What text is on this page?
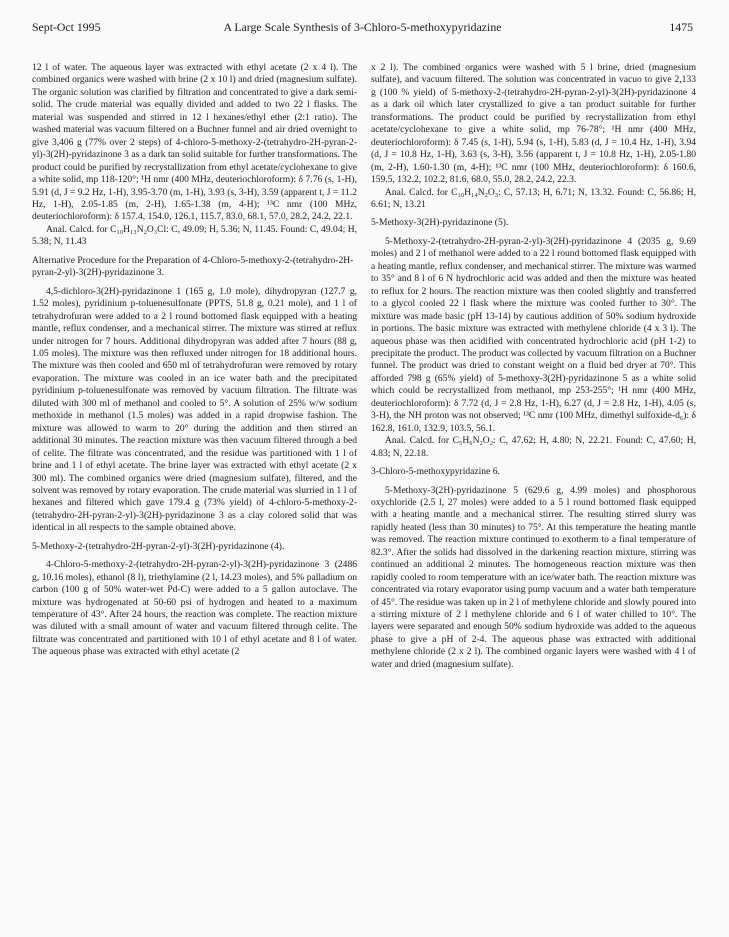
Sept-Oct 1995	A Large Scale Synthesis of 3-Chloro-5-methoxypyridazine	1475

12 l of water. The aqueous layer was extracted with ethyl acetate (2 x 4 l). The combined organics were washed with brine (2 x 10 l) and dried (magnesium sulfate). The organic solution was clarified by filtration and concentrated to give a dark semi-solid. The crude material was equally divided and added to two 22 l flasks. The material was suspended and stirred in 12 l hexanes/ethyl ether (2:1 ratio). The washed material was vacuum filtered on a Buchner funnel and air dried overnight to give 3,406 g (77% over 2 steps) of 4-chloro-5-methoxy-2-(tetrahydro-2H-pyran-2-yl)-3(2H)-pyridazinone 3 as a dark tan solid suitable for further transformations. The product could be purified by recrystallization from ethyl acetate/cyclohexane to give a white solid, mp 118-120°; ¹H nmr (400 MHz, deuteriochloroform): δ 7.76 (s, 1-H), 5.91 (d, J = 9.2 Hz, 1-H), 3.95-3.70 (m, 1-H), 3.93 (s, 3-H), 3.59 (apparent t, J = 11.2 Hz, 1-H), 2.05-1.85 (m, 2-H), 1.65-1.38 (m, 4-H); ¹³C nmr (100 MHz, deuteriochloroform): δ 157.4, 154.0, 126.1, 115.7, 83.0, 68.1, 57.0, 28.2, 24.2, 22.1.

Anal. Calcd. for C₁₀H₁₃N₂O₃Cl: C, 49.09; H, 5.36; N, 11.45. Found: C, 49.04; H, 5.38; N, 11.43

Alternative Procedure for the Preparation of 4-Chloro-5-methoxy-2-(tetrahydro-2H-pyran-2-yl)-3(2H)-pyridazinone 3.

4,5-dichloro-3(2H)-pyridazinone 1 (165 g, 1.0 mole), dihydropyran (127.7 g, 1.52 moles), pyridinium p-toluenesulfonate (PPTS, 51.8 g, 0.21 mole), and 1 l of tetrahydrofuran were added to a 2 l round bottomed flask equipped with a heating mantle, reflux condenser, and a mechanical stirrer. The mixture was stirred at reflux under nitrogen for 7 hours. Additional dihydropyran was added after 7 hours (88 g, 1.05 moles). The mixture was then refluxed under nitrogen for 18 additional hours. The mixture was then cooled and 650 ml of tetrahydrofuran were removed by rotary evaporation. The mixture was cooled in an ice water bath and the precipitated pyridinium p-toluenesulfonate was removed by vacuum filtration. The filtrate was diluted with 300 ml of methanol and cooled to 5°. A solution of 25% w/w sodium methoxide in methanol (1.5 moles) was added in a rapid dropwise fashion. The mixture was allowed to warm to 20° during the addition and then stirred an additional 30 minutes. The reaction mixture was then vacuum filtered through a bed of celite. The filtrate was concentrated, and the residue was partitioned with 1 l of brine and 1 l of ethyl acetate. The brine layer was extracted with ethyl acetate (2 x 300 ml). The combined organics were dried (magnesium sulfate), filtered, and the solvent was removed by rotary evaporation. The crude material was slurried in 1 l of hexanes and filtered which gave 179.4 g (73% yield) of 4-chloro-5-methoxy-2-(tetrahydro-2H-pyran-2-yl)-3(2H)-pyridazinone 3 as a clay colored solid that was identical in all respects to the sample obtained above.

5-Methoxy-2-(tetrahydro-2H-pyran-2-yl)-3(2H)-pyridazinone (4).

4-Chloro-5-methoxy-2-(tetrahydro-2H-pyran-2-yl)-3(2H)-pyridazinone 3 (2486 g, 10.16 moles), ethanol (8 l), triethylamine (2 l, 14.23 moles), and 5% palladium on carbon (100 g of 50% water-wet Pd-C) were added to a 5 gallon autoclave. The mixture was hydrogenated at 50-60 psi of hydrogen and heated to a maximum temperature of 43°. After 24 hours, the reaction was complete. The reaction mixture was diluted with a small amount of water and vacuum filtered through celite. The filtrate was concentrated and partitioned with 10 l of ethyl acetate and 8 l of water. The aqueous phase was extracted with ethyl acetate (2

x 2 l). The combined organics were washed with 5 l brine, dried (magnesium sulfate), and vacuum filtered. The solution was concentrated in vacuo to give 2,133 g (100 % yield) of 5-methoxy-2-(tetrahydro-2H-pyran-2-yl)-3(2H)-pyridazinone 4 as a dark oil which later crystallized to give a tan product suitable for further transformations. The product could be purified by recrystallization from ethyl acetate/cyclohexane to give a white solid, mp 76-78°; ¹H nmr (400 MHz, deuteriochloroform): δ 7.45 (s, 1-H), 5.94 (s, 1-H), 5.83 (d, J = 10.4 Hz, 1-H), 3.94 (d, J = 10.8 Hz, 1-H), 3.63 (s, 3-H), 3.56 (apparent t, J = 10.8 Hz, 1-H), 2.05-1.80 (m, 2-H), 1.60-1.30 (m, 4-H); ¹³C nmr (100 MHz, deuteriochloroform): δ 160.6, 159.5, 132.2, 102.2, 81.6, 68.0, 55.0, 28.2, 24.2, 22.3.

Anal. Calcd. for C₁₀H₁₄N₂O₃: C, 57.13; H, 6.71; N, 13.32. Found: C, 56.86; H, 6.61; N, 13.21

5-Methoxy-3(2H)-pyridazinone (5).

5-Methoxy-2-(tetrahydro-2H-pyran-2-yl)-3(2H)-pyridazinone 4 (2035 g, 9.69 moles) and 2 l of methanol were added to a 22 l round bottomed flask equipped with a heating mantle, reflux condenser, and mechanical stirrer. The mixture was warmed to 35° and 8 l of 6 N hydrochloric acid was added and then the mixture was heated to reflux for 2 hours. The reaction mixture was then cooled slightly and transferred to a glycol cooled 22 l flask where the mixture was cooled further to 30°. The mixture was made basic (pH 13-14) by cautious addition of 50% sodium hydroxide in portions. The basic mixture was extracted with methylene chloride (4 x 3 l). The aqueous phase was then acidified with concentrated hydrochloric acid (pH 1-2) to precipitate the product. The product was collected by vacuum filtration on a Buchner funnel. The product was dried to constant weight on a fluid bed dryer at 70°. This afforded 798 g (65% yield) of 5-methoxy-3(2H)-pyridazinone 5 as a white solid which could be recrystallized from methanol, mp 253-255°; ¹H nmr (400 MHz, deuteriochloroform): δ 7.72 (d, J = 2.8 Hz, 1-H), 6.27 (d, J = 2.8 Hz, 1-H), 4.05 (s, 3-H), the NH proton was not observed; ¹³C nmr (100 MHz, dimethyl sulfoxide-d₆): δ 162.8, 161.0, 132.9, 103.5, 56.1.

Anal. Calcd. for C₅H₆N₂O₂: C, 47.62; H, 4.80; N, 22.21. Found: C, 47.60; H, 4.83; N, 22.18.

3-Chloro-5-methoxypyridazine 6.

5-Methoxy-3(2H)-pyridazinone 5 (629.6 g, 4.99 moles) and phosphorous oxychloride (2.5 l, 27 moles) were added to a 5 l round bottomed flask equipped with a heating mantle and a mechanical stirrer. The resulting stirred slurry was rapidly heated (less than 30 minutes) to 75°. At this temperature the heating mantle was removed. The reaction mixture continued to exotherm to a final temperature of 82.3°. After the solids had dissolved in the darkening reaction mixture, stirring was continued an additional 2 minutes. The homogeneous reaction mixture was then rapidly cooled to room temperature with an ice/water bath. The reaction mixture was concentrated via rotary evaporator using pump vacuum and a water bath temperature of 45°. The residue was taken up in 2 l of methylene chloride and slowly poured into a stirring mixture of 2 l methylene chloride and 6 l of water chilled to 10°. The layers were separated and enough 50% sodium hydroxide was added to the aqueous phase to give a pH of 2-4. The aqueous phase was extracted with additional methylene chloride (2 x 2 l). The combined organic layers were washed with 4 l of water and dried (magnesium sulfate).
